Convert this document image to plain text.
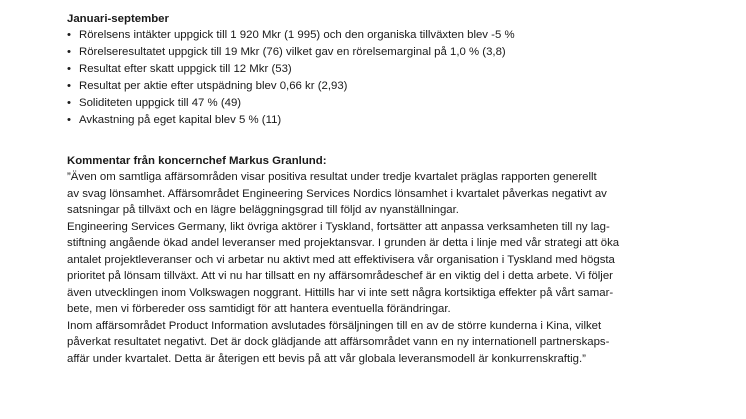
Januari-september
• Rörelsens intäkter uppgick till 1 920 Mkr (1 995) och den organiska tillväxten blev -5 %
• Rörelseresultatet uppgick till 19 Mkr (76) vilket gav en rörelsemarginal på 1,0 % (3,8)
• Resultat efter skatt uppgick till 12 Mkr (53)
• Resultat per aktie efter utspädning blev 0,66 kr (2,93)
• Soliditeten uppgick till 47 % (49)
• Avkastning på eget kapital blev 5 % (11)
Kommentar från koncernchef Markus Granlund:
”Även om samtliga affärsområden visar positiva resultat under tredje kvartalet präglas rapporten generellt
av svag lönsamhet. Affärsområdet Engineering Services Nordics lönsamhet i kvartalet påverkas negativt av
satsningar på tillväxt och en lägre beläggningsgrad till följd av nyanställningar.
Engineering Services Germany, likt övriga aktörer i Tyskland, fortsätter att anpassa verksamheten till ny lag-
stiftning angående ökad andel leveranser med projektansvar. I grunden är detta i linje med vår strategi att öka
antalet projektleveranser och vi arbetar nu aktivt med att effektivisera vår organisation i Tyskland med högsta
prioritet på lönsam tillväxt. Att vi nu har tillsatt en ny affärsområdeschef är en viktig del i detta arbete. Vi följer
även utvecklingen inom Volkswagen noggrant. Hittills har vi inte sett några kortsiktiga effekter på vårt samar-
bete, men vi förbereder oss samtidigt för att hantera eventuella förändringar.
Inom affärsområdet Product Information avslutades försäljningen till en av de större kunderna i Kina, vilket
påverkat resultatet negativt. Det är dock glädjande att affärsområdet vann en ny internationell partnerskaps-
affär under kvartalet. Detta är återigen ett bevis på att vår globala leveransmodell är konkurrenskraftig.”
